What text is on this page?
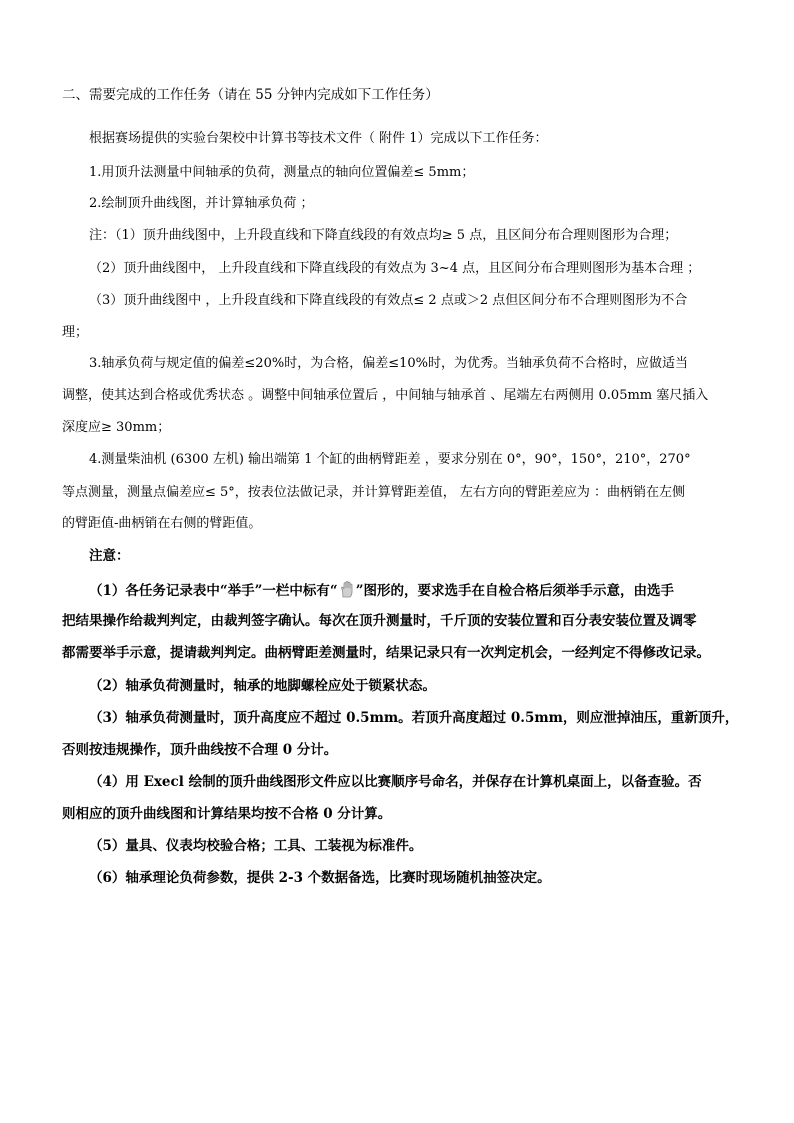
二、需要完成的工作任务（请在 55 分钟内完成如下工作任务）
根据赛场提供的实验台架校中计算书等技术文件（ 附件 1）完成以下工作任务：
1.用顶升法测量中间轴承的负荷，测量点的轴向位置偏差≤ 5mm；
2.绘制顶升曲线图，并计算轴承负荷 ；
注：（1）顶升曲线图中，上升段直线和下降直线段的有效点均≥ 5 点，且区间分布合理则图形为合理；
（2）顶升曲线图中， 上升段直线和下降直线段的有效点为 3~4 点，且区间分布合理则图形为基本合理 ；
（3）顶升曲线图中 ，上升段直线和下降直线段的有效点≤ 2 点或＞2 点但区间分布不合理则图形为不合
理；
3.轴承负荷与规定值的偏差≤20%时，为合格，偏差≤10%时，为优秀。当轴承负荷不合格时，应做适当
调整，使其达到合格或优秀状态 。调整中间轴承位置后 ，中间轴与轴承首 、尾端左右两侧用 0.05mm 塞尺插入
深度应≥ 30mm；
4.测量柴油机 (6300 左机) 输出端第 1 个缸的曲柄臂距差 ，要求分别在 0°，90°，150°，210°，270°
等点测量，测量点偏差应≤ 5°，按表位法做记录，并计算臂距差值， 左右方向的臂距差应为 ：曲柄销在左侧
的臂距值-曲柄销在右侧的臂距值。
注意：
（1）各任务记录表中“举手”一栏中标有“ ”图形的，要求选手在自检合格后须举手示意，由选手
把结果操作给裁判判定，由裁判签字确认。每次在顶升测量时，千斤顶的安装位置和百分表安装位置及调零
都需要举手示意，提请裁判判定。曲柄臂距差测量时，结果记录只有一次判定机会，一经判定不得修改记录。
（2）轴承负荷测量时，轴承的地脚螺栓应处于锁紧状态。
（3）轴承负荷测量时，顶升高度应不超过 0.5mm。若顶升高度超过 0.5mm，则应泄掉油压，重新顶升，
否则按违规操作，顶升曲线按不合理 0 分计。
（4）用 Execl 绘制的顶升曲线图形文件应以比赛顺序号命名，并保存在计算机桌面上，以备查验。否
则相应的顶升曲线图和计算结果均按不合格 0 分计算。
（5）量具、仪表均校验合格；工具、工装视为标准件。
（6）轴承理论负荷参数，提供 2-3 个数据备选，比赛时现场随机抽签决定。
